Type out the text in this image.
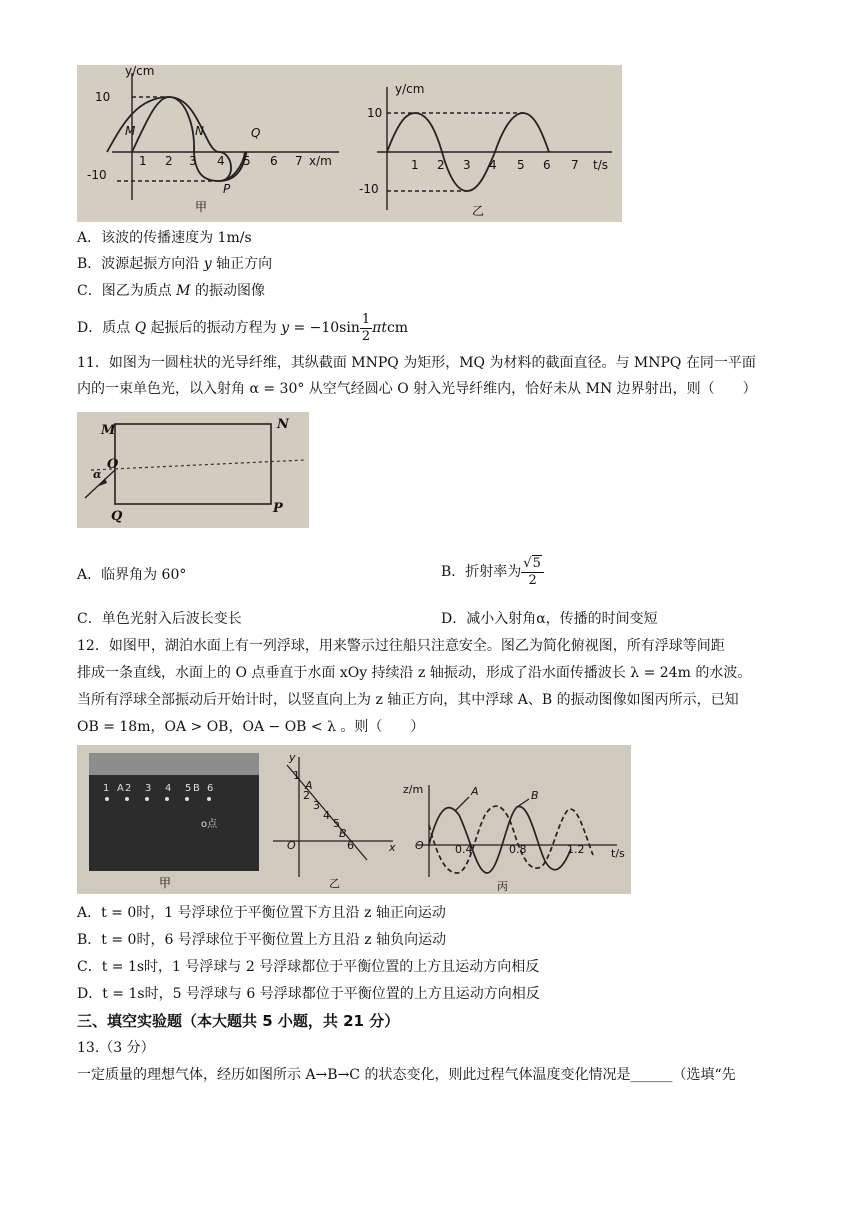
y/cm
x/m
10
-10
1 2 3 4 5 6 7
M	N	Q
P
甲
y/cm
t/s
10
-10
1 2 3 4 5 6 7
乙
A．该波的传播速度为 1m/s
B．波源起振方向沿 y 轴正方向
C．图乙为质点 M 的振动图像
D．质点 Q 起振后的振动方程为 $y = -10\sin \frac{1}{2}$ πtcm
11．如图为一圆柱状的光导纤维，其纵截面 MNPQ 为矩形，MQ 为材料的截面直径。与 MNPQ 在同一平面
内的一束单色光，以入射角 α = 30° 从空气经圆心 O 射入光导纤维内，恰好未从 MN 边界射出，则（　　）
M	N
O
α
Q
P
A．临界角为 60°	B．折射率为 $\frac{√5}{2}$
C．单色光射入后波长变长	D．减小入射角α，传播的时间变短
12．如图甲，湖泊水面上有一列浮球，用来警示过往船只注意安全。图乙为简化俯视图，所有浮球等间距
排成一条直线，水面上的 O 点垂直于水面 xOy 持续沿 z 轴振动，形成了沿水面传播波长 λ = 24m 的水波。
当所有浮球全部振动后开始计时，以竖直向上为 z 轴正方向，其中浮球 A、B 的振动图像如图丙所示，已知
OB = 18m，OA > OB，OA − OB < λ 。则（　　）
1 2 3 4 5 6
B
A
o点
甲
y
x
O
1
A
2
3
4
5
B
6
乙
z/m
t/s
O	0.4	0.8	1.2
A	B
丙
A．t = 0时，1 号浮球位于平衡位置下方且沿 z 轴正向运动
B．t = 0时，6 号浮球位于平衡位置上方且沿 z 轴负向运动
C．t = 1s时，1 号浮球与 2 号浮球都位于平衡位置的上方且运动方向相反
D．t = 1s时，5 号浮球与 6 号浮球都位于平衡位置的上方且运动方向相反
三、填空实验题（本大题共 5 小题，共 21 分）
13.（3 分）
一定质量的理想气体，经历如图所示 A→B→C 的状态变化，则此过程气体温度变化情况是______（选填“先
